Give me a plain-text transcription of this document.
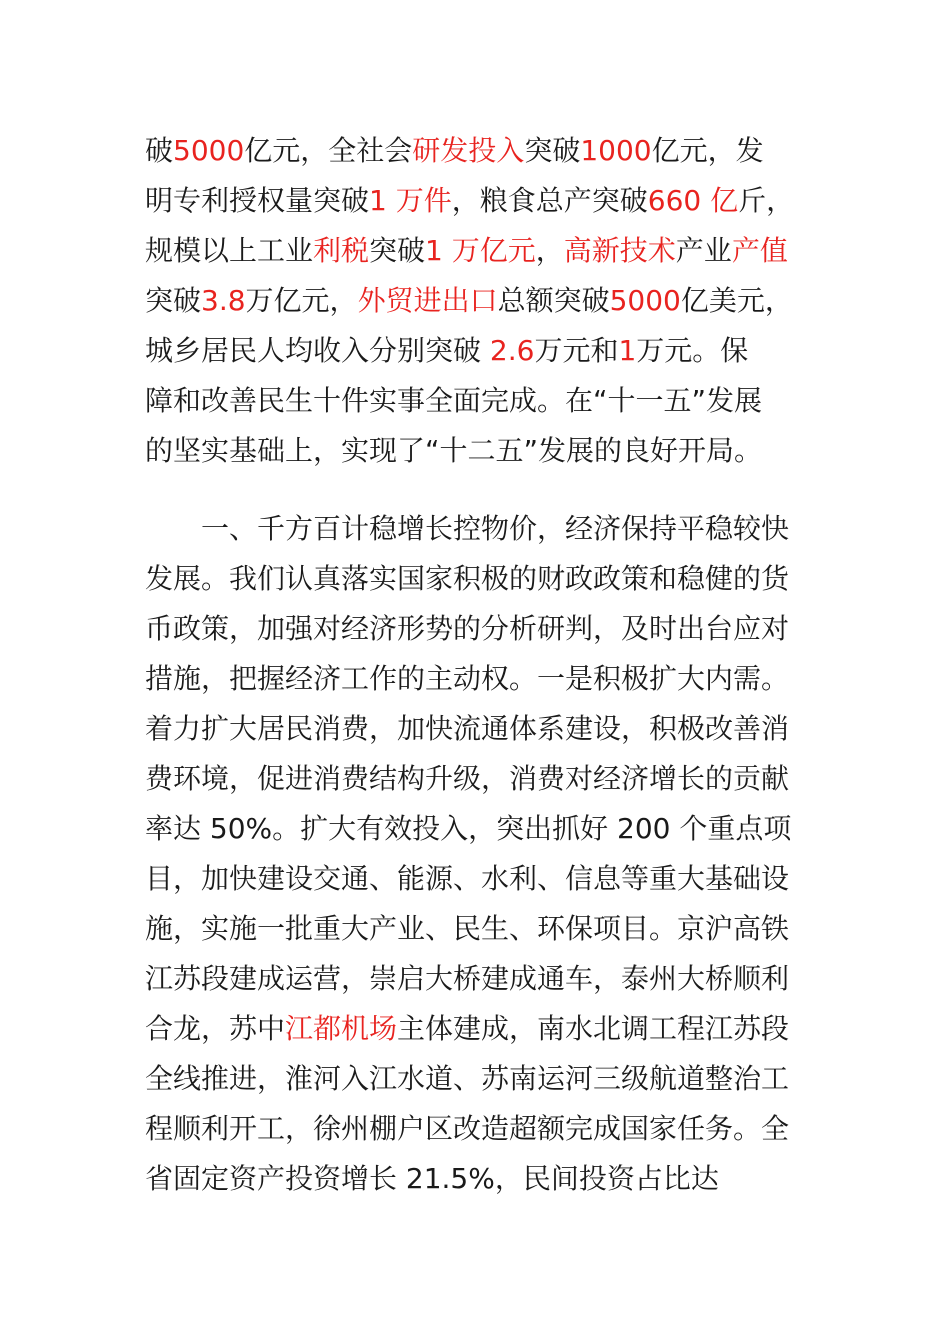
破5000亿元，全社会研发投入突破1000亿元，发
明专利授权量突破1 万件，粮食总产突破660 亿斤，
规模以上工业利税突破1 万亿元，高新技术产业产值
突破3.8万亿元，外贸进出口总额突破5000亿美元，
城乡居民人均收入分别突破 2.6万元和1万元。保
障和改善民生十件实事全面完成。在“十一五”发展
的坚实基础上，实现了“十二五”发展的良好开局。
　　一、千方百计稳增长控物价，经济保持平稳较快
发展。我们认真落实国家积极的财政政策和稳健的货
币政策，加强对经济形势的分析研判，及时出台应对
措施，把握经济工作的主动权。一是积极扩大内需。
着力扩大居民消费，加快流通体系建设，积极改善消
费环境，促进消费结构升级，消费对经济增长的贡献
率达 50%。扩大有效投入，突出抓好 200 个重点项
目，加快建设交通、能源、水利、信息等重大基础设
施，实施一批重大产业、民生、环保项目。京沪高铁
江苏段建成运营，崇启大桥建成通车，泰州大桥顺利
合龙，苏中江都机场主体建成，南水北调工程江苏段
全线推进，淮河入江水道、苏南运河三级航道整治工
程顺利开工，徐州棚户区改造超额完成国家任务。全
省固定资产投资增长 21.5%，民间投资占比达
